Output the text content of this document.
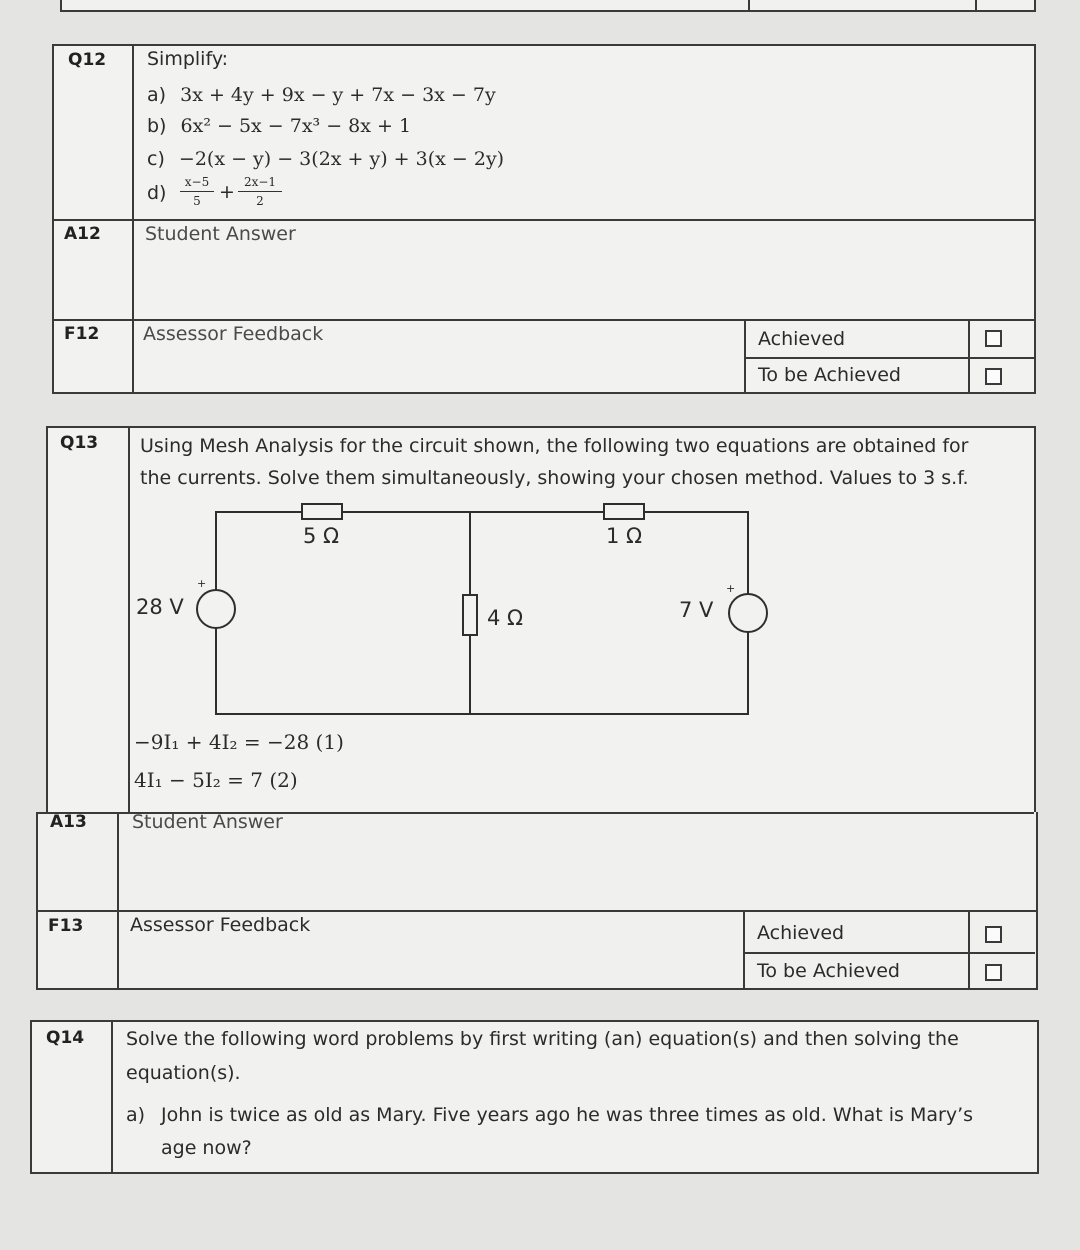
Q12 Simplify:
a) 3x + 4y + 9x − y + 7x − 3x − 7y
b) 6x² − 5x − 7x³ − 8x + 1
c) −2(x − y) − 3(2x + y) + 3(x − 2y)
d)	x−5
5 + 2x−1
2
A12 Student Answer
F12 Assessor Feedback	Achieved
To be Achieved
Q13 Using Mesh Analysis for the circuit shown, the following two equations are obtained for
the currents. Solve them simultaneously, showing your chosen method. Values to 3 s.f.
5 Ω	1 Ω
4 Ω
28 V	7 V
+	+
−9I₁ + 4I₂ = −28 (1)
4I₁ − 5I₂ = 7 (2)
A13 Student Answer
F13 Assessor Feedback	Achieved
To be Achieved
Q14 Solve the following word problems by first writing (an) equation(s) and then solving the
equation(s).
a) John is twice as old as Mary. Five years ago he was three times as old. What is Mary’s
age now?
